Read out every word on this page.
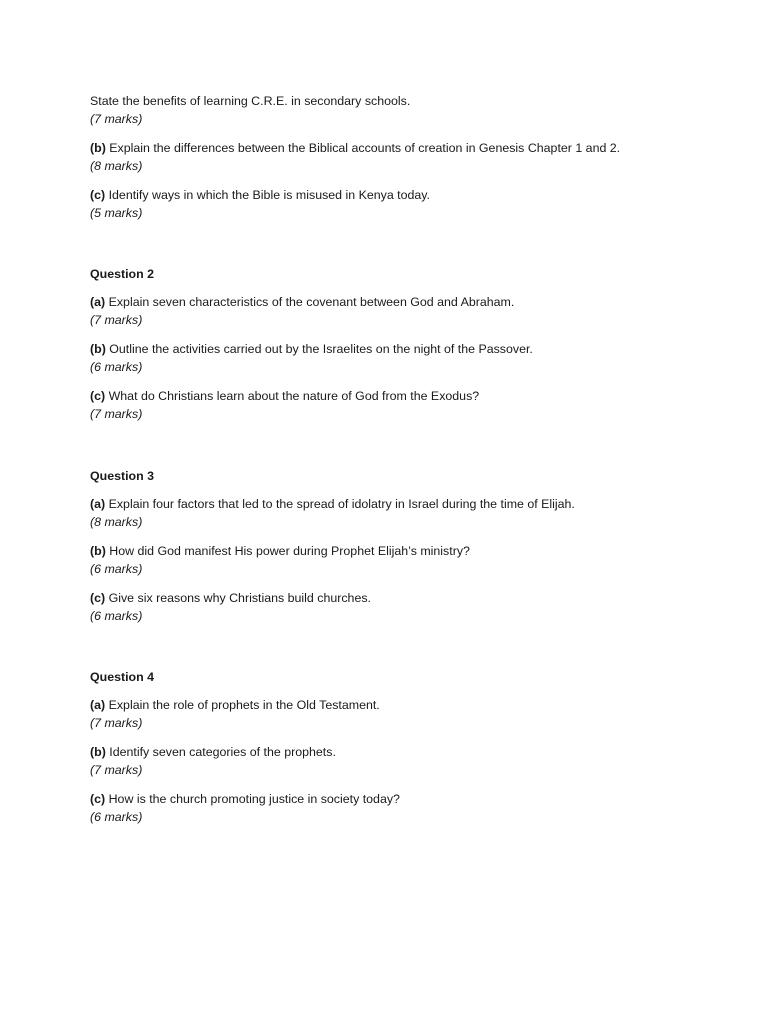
State the benefits of learning C.R.E. in secondary schools.
(7 marks)
(b) Explain the differences between the Biblical accounts of creation in Genesis Chapter 1 and 2.
(8 marks)
(c) Identify ways in which the Bible is misused in Kenya today.
(5 marks)
Question 2
(a) Explain seven characteristics of the covenant between God and Abraham.
(7 marks)
(b) Outline the activities carried out by the Israelites on the night of the Passover.
(6 marks)
(c) What do Christians learn about the nature of God from the Exodus?
(7 marks)
Question 3
(a) Explain four factors that led to the spread of idolatry in Israel during the time of Elijah.
(8 marks)
(b) How did God manifest His power during Prophet Elijah’s ministry?
(6 marks)
(c) Give six reasons why Christians build churches.
(6 marks)
Question 4
(a) Explain the role of prophets in the Old Testament.
(7 marks)
(b) Identify seven categories of the prophets.
(7 marks)
(c) How is the church promoting justice in society today?
(6 marks)
